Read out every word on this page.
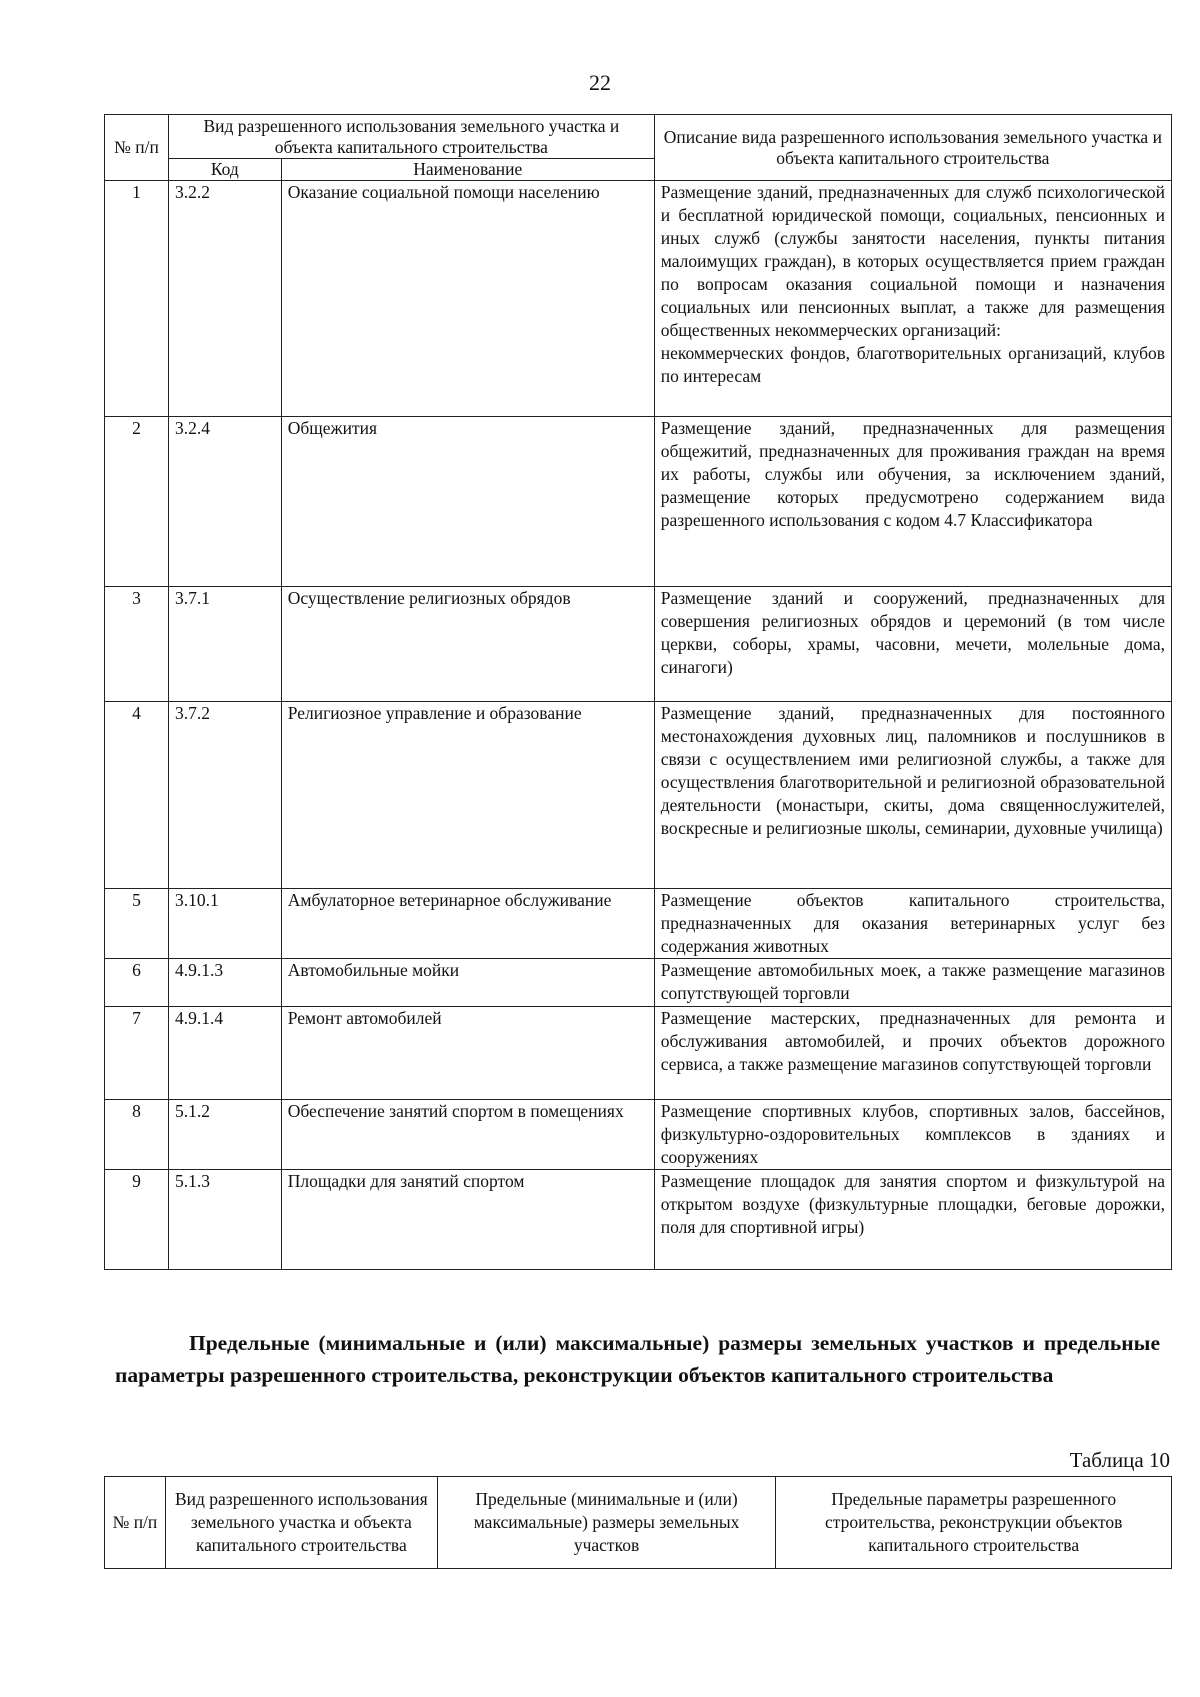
22
№ п/п	Вид разрешенного использования земельного участка и объекта капитального строительства		Описание вида разрешенного использования земельного участка и объекта капитального строительства
	Код	Наименование	
1	3.2.2	Оказание социальной помощи населению	Размещение зданий, предназначенных для служб психологической и бесплатной юридической помощи, социальных, пенсионных и иных служб (службы занятости населения, пункты питания малоимущих граждан), в которых осуществляется прием граждан по вопросам оказания социальной помощи и назначения социальных или пенсионных выплат, а также для размещения общественных некоммерческих организаций:
некоммерческих фондов, благотворительных организаций, клубов по интересам

2	3.2.4	Общежития	Размещение зданий, предназначенных для размещения общежитий, предназначенных для проживания граждан на время их работы, службы или обучения, за исключением зданий, размещение которых предусмотрено содержанием вида разрешенного использования с кодом 4.7 Классификатора
3	3.7.1	Осуществление религиозных обрядов	Размещение зданий и сооружений, предназначенных для совершения религиозных обрядов и церемоний (в том числе церкви, соборы, храмы, часовни, мечети, молельные дома, синагоги)
4	3.7.2	Религиозное управление и образование	Размещение зданий, предназначенных для постоянного местонахождения духовных лиц, паломников и послушников в связи с осуществлением ими религиозной службы, а также для осуществления благотворительной и религиозной образовательной деятельности (монастыри, скиты, дома священнослужителей, воскресные и религиозные школы, семинарии, духовные училища)
5	3.10.1	Амбулаторное ветеринарное обслуживание	Размещение объектов капитального строительства, предназначенных для оказания ветеринарных услуг без содержания животных
6	4.9.1.3	Автомобильные мойки	Размещение автомобильных моек, а также размещение магазинов сопутствующей торговли
7	4.9.1.4	Ремонт автомобилей	Размещение мастерских, предназначенных для ремонта и обслуживания автомобилей, и прочих объектов дорожного сервиса, а также размещение магазинов сопутствующей торговли
8	5.1.2	Обеспечение занятий спортом в помещениях	Размещение спортивных клубов, спортивных залов, бассейнов, физкультурно-оздоровительных комплексов в зданиях и сооружениях
9	5.1.3	Площадки для занятий спортом	Размещение площадок для занятия спортом и физкультурой на открытом воздухе (физкультурные площадки, беговые дорожки, поля для спортивной игры)
Предельные (минимальные и (или) максимальные) размеры земельных участков и предельные параметры разрешенного строительства, реконструкции объектов капитального строительства
Таблица 10
№ п/п	Вид разрешенного использования земельного участка и объекта капитального строительства	Предельные (минимальные и (или) максимальные) размеры земельных участков	Предельные параметры разрешенного строительства, реконструкции объектов капитального строительства
